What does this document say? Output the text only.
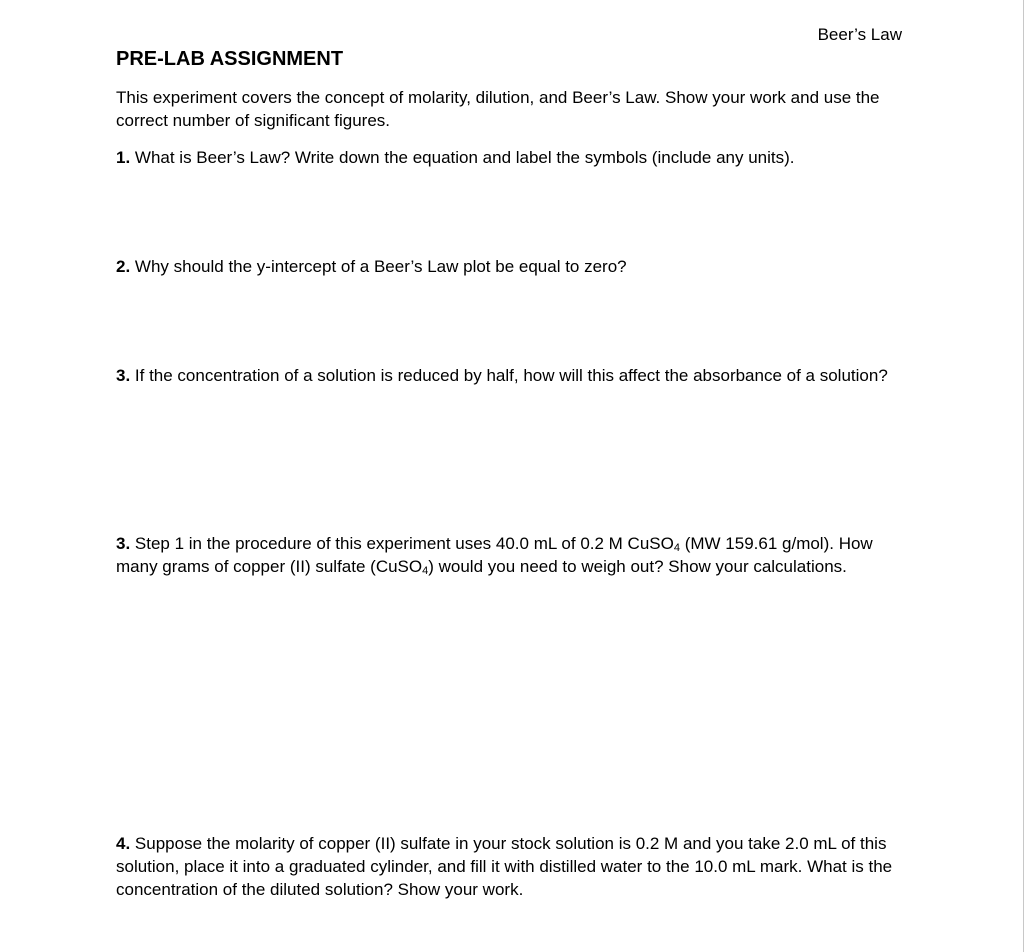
Beer’s Law
PRE-LAB ASSIGNMENT

This experiment covers the concept of molarity, dilution, and Beer’s Law. Show your work and use the correct number of significant figures.

1. What is Beer’s Law? Write down the equation and label the symbols (include any units).

2. Why should the y-intercept of a Beer’s Law plot be equal to zero?

3. If the concentration of a solution is reduced by half, how will this affect the absorbance of a solution?

3. Step 1 in the procedure of this experiment uses 40.0 mL of 0.2 M CuSO4 (MW 159.61 g/mol). How many grams of copper (II) sulfate (CuSO4) would you need to weigh out? Show your calculations.

4. Suppose the molarity of copper (II) sulfate in your stock solution is 0.2 M and you take 2.0 mL of this solution, place it into a graduated cylinder, and fill it with distilled water to the 10.0 mL mark. What is the concentration of the diluted solution? Show your work.
